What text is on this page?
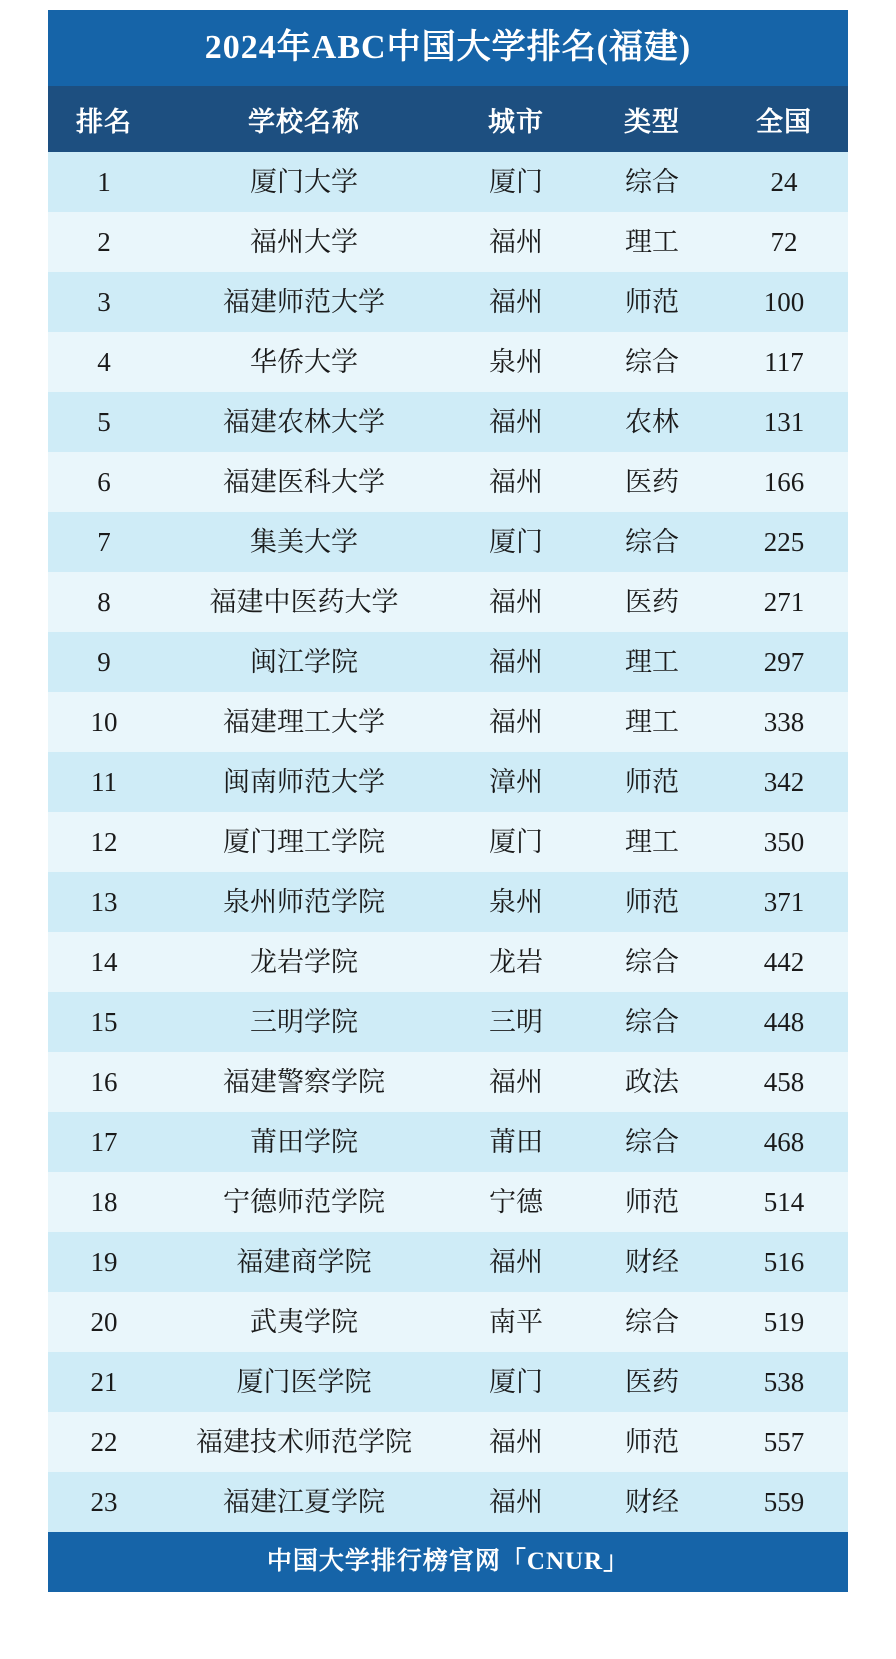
2024年ABC中国大学排名(福建)
排名	学校名称	城市	类型	全国
1	厦门大学	厦门	综合	24
2	福州大学	福州	理工	72
3	福建师范大学	福州	师范	100
4	华侨大学	泉州	综合	117
5	福建农林大学	福州	农林	131
6	福建医科大学	福州	医药	166
7	集美大学	厦门	综合	225
8	福建中医药大学	福州	医药	271
9	闽江学院	福州	理工	297
10	福建理工大学	福州	理工	338
11	闽南师范大学	漳州	师范	342
12	厦门理工学院	厦门	理工	350
13	泉州师范学院	泉州	师范	371
14	龙岩学院	龙岩	综合	442
15	三明学院	三明	综合	448
16	福建警察学院	福州	政法	458
17	莆田学院	莆田	综合	468
18	宁德师范学院	宁德	师范	514
19	福建商学院	福州	财经	516
20	武夷学院	南平	综合	519
21	厦门医学院	厦门	医药	538
22	福建技术师范学院	福州	师范	557
23	福建江夏学院	福州	财经	559
中国大学排行榜官网「CNUR」
